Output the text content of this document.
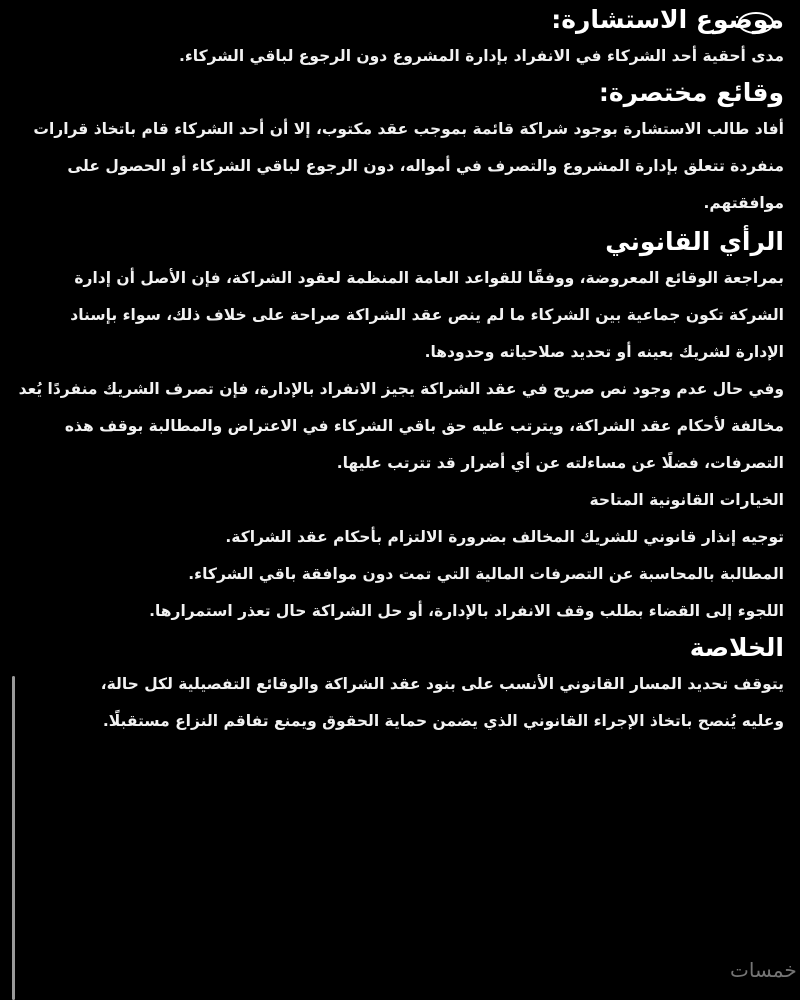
موضوع الاستشارة:

مدى أحقية أحد الشركاء في الانفراد بإدارة المشروع دون الرجوع لباقي الشركاء.

وقائع مختصرة:

أفاد طالب الاستشارة بوجود شراكة قائمة بموجب عقد مكتوب، إلا أن أحد الشركاء قام باتخاذ قرارات منفردة تتعلق بإدارة المشروع والتصرف في أمواله، دون الرجوع لباقي الشركاء أو الحصول على موافقتهم.

الرأي القانوني

بمراجعة الوقائع المعروضة، ووفقًا للقواعد العامة المنظمة لعقود الشراكة، فإن الأصل أن إدارة الشركة تكون جماعية بين الشركاء ما لم ينص عقد الشراكة صراحة على خلاف ذلك، سواء بإسناد الإدارة لشريك بعينه أو تحديد صلاحياته وحدودها.

وفي حال عدم وجود نص صريح في عقد الشراكة يجيز الانفراد بالإدارة، فإن تصرف الشريك منفردًا يُعد مخالفة لأحكام عقد الشراكة، ويترتب عليه حق باقي الشركاء في الاعتراض والمطالبة بوقف هذه التصرفات، فضلًا عن مساءلته عن أي أضرار قد تترتب عليها.

الخيارات القانونية المتاحة

توجيه إنذار قانوني للشريك المخالف بضرورة الالتزام بأحكام عقد الشراكة.

المطالبة بالمحاسبة عن التصرفات المالية التي تمت دون موافقة باقي الشركاء.

اللجوء إلى القضاء بطلب وقف الانفراد بالإدارة، أو حل الشراكة حال تعذر استمرارها.

الخلاصة

يتوقف تحديد المسار القانوني الأنسب على بنود عقد الشراكة والوقائع التفصيلية لكل حالة، وعليه يُنصح باتخاذ الإجراء القانوني الذي يضمن حماية الحقوق ويمنع تفاقم النزاع مستقبلًا.

خمسات
